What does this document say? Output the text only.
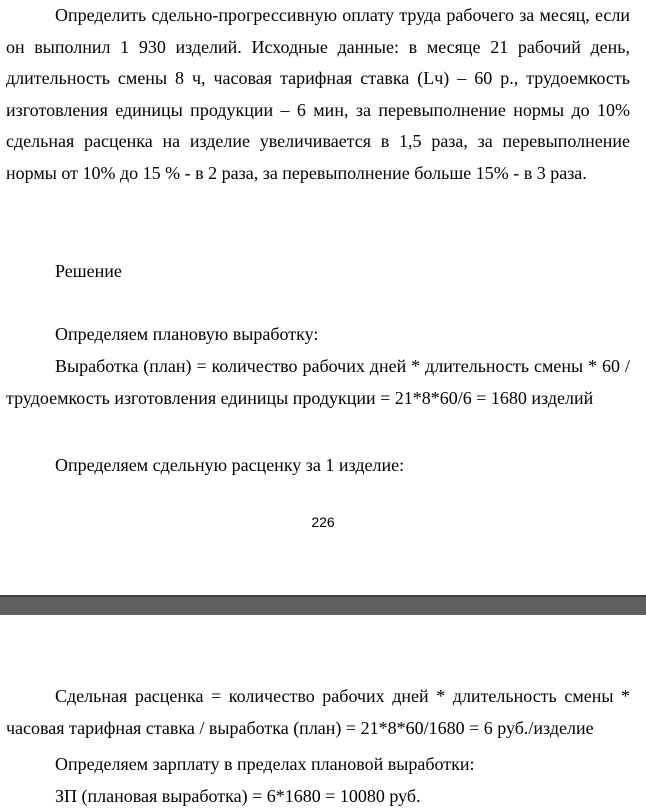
Определить сдельно-прогрессивную оплату труда рабочего за месяц, если он выполнил 1 930 изделий. Исходные данные: в месяце 21 рабочий день, длительность смены 8 ч, часовая тарифная ставка (Lч) – 60 р., трудоемкость изготовления единицы продукции – 6 мин, за перевыполнение нормы до 10% сдельная расценка на изделие увеличивается в 1,5 раза, за перевыполнение нормы от 10% до 15 % - в 2 раза, за перевыполнение больше 15% - в 3 раза.

Решение

Определяем плановую выработку:

Выработка (план) = количество рабочих дней * длительность смены * 60 / трудоемкость изготовления единицы продукции = 21*8*60/6 = 1680 изделий

Определяем сдельную расценку за 1 изделие:

226

Сдельная расценка = количество рабочих дней * длительность смены * часовая тарифная ставка / выработка (план) = 21*8*60/1680 = 6 руб./изделие

Определяем зарплату в пределах плановой выработки:

ЗП (плановая выработка) = 6*1680 = 10080 руб.
